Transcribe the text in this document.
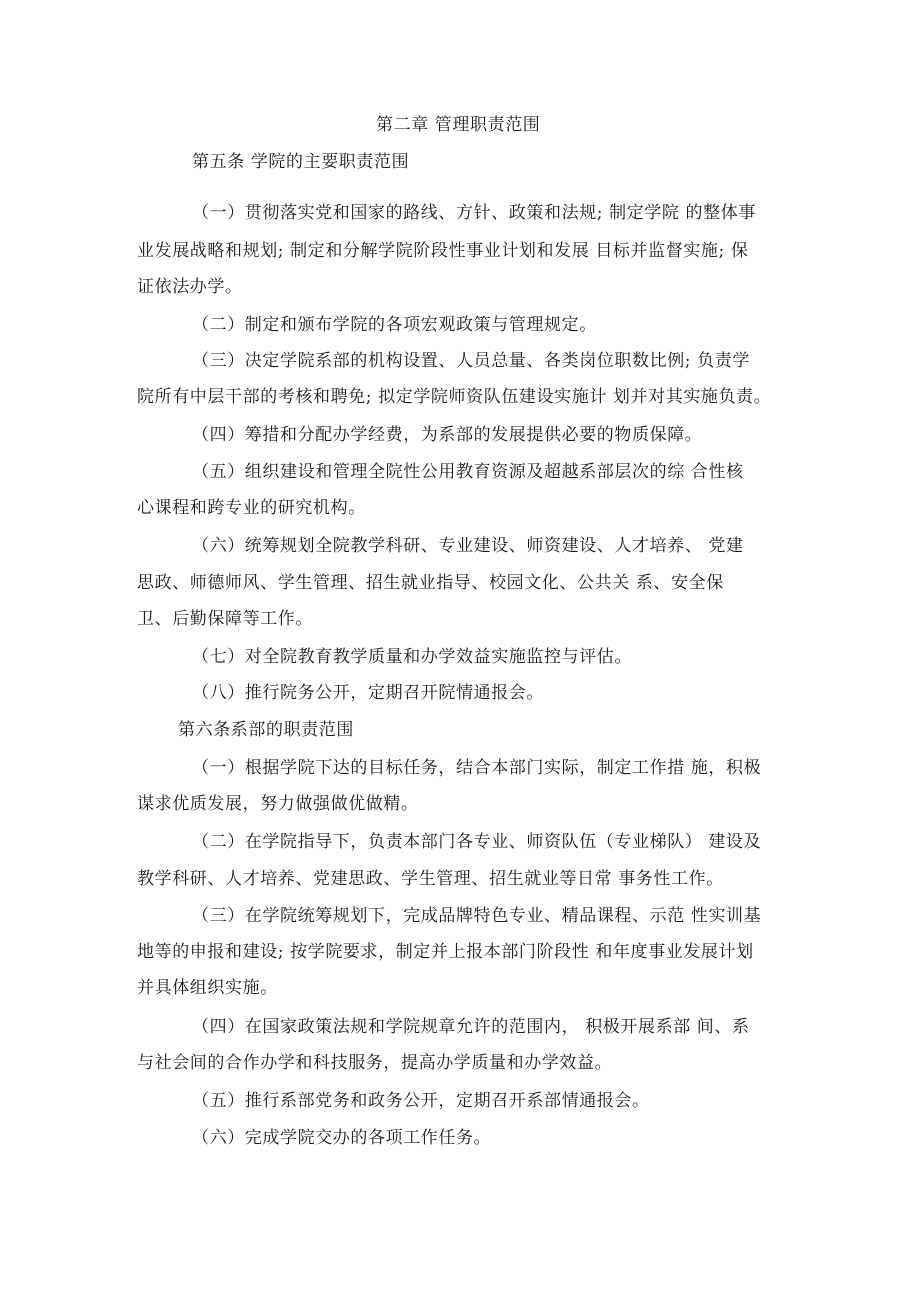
第二章 管理职责范围
第五条 学院的主要职责范围
（一）贯彻落实党和国家的路线、方针、政策和法规; 制定学院 的整体事
业发展战略和规划; 制定和分解学院阶段性事业计划和发展 目标并监督实施; 保
证依法办学。
（二）制定和颁布学院的各项宏观政策与管理规定。
（三）决定学院系部的机构设置、人员总量、各类岗位职数比例; 负责学
院所有中层干部的考核和聘免; 拟定学院师资队伍建设实施计 划并对其实施负责。
（四）筹措和分配办学经费，为系部的发展提供必要的物质保障。
（五）组织建设和管理全院性公用教育资源及超越系部层次的综 合性核
心课程和跨专业的研究机构。
（六）统筹规划全院教学科研、专业建设、师资建设、人才培养、 党建
思政、师德师风、学生管理、招生就业指导、校园文化、公共关 系、安全保
卫、后勤保障等工作。
（七）对全院教育教学质量和办学效益实施监控与评估。
（八）推行院务公开，定期召开院情通报会。
第六条系部的职责范围
（一）根据学院下达的目标任务，结合本部门实际，制定工作措 施，积极
谋求优质发展，努力做强做优做精。
（二）在学院指导下，负责本部门各专业、师资队伍（专业梯队） 建设及
教学科研、人才培养、党建思政、学生管理、招生就业等日常 事务性工作。
（三）在学院统筹规划下，完成品牌特色专业、精品课程、示范 性实训基
地等的申报和建设; 按学院要求，制定并上报本部门阶段性 和年度事业发展计划
并具体组织实施。
（四）在国家政策法规和学院规章允许的范围内， 积极开展系部 间、系
与社会间的合作办学和科技服务，提高办学质量和办学效益。
（五）推行系部党务和政务公开，定期召开系部情通报会。
（六）完成学院交办的各项工作任务。
